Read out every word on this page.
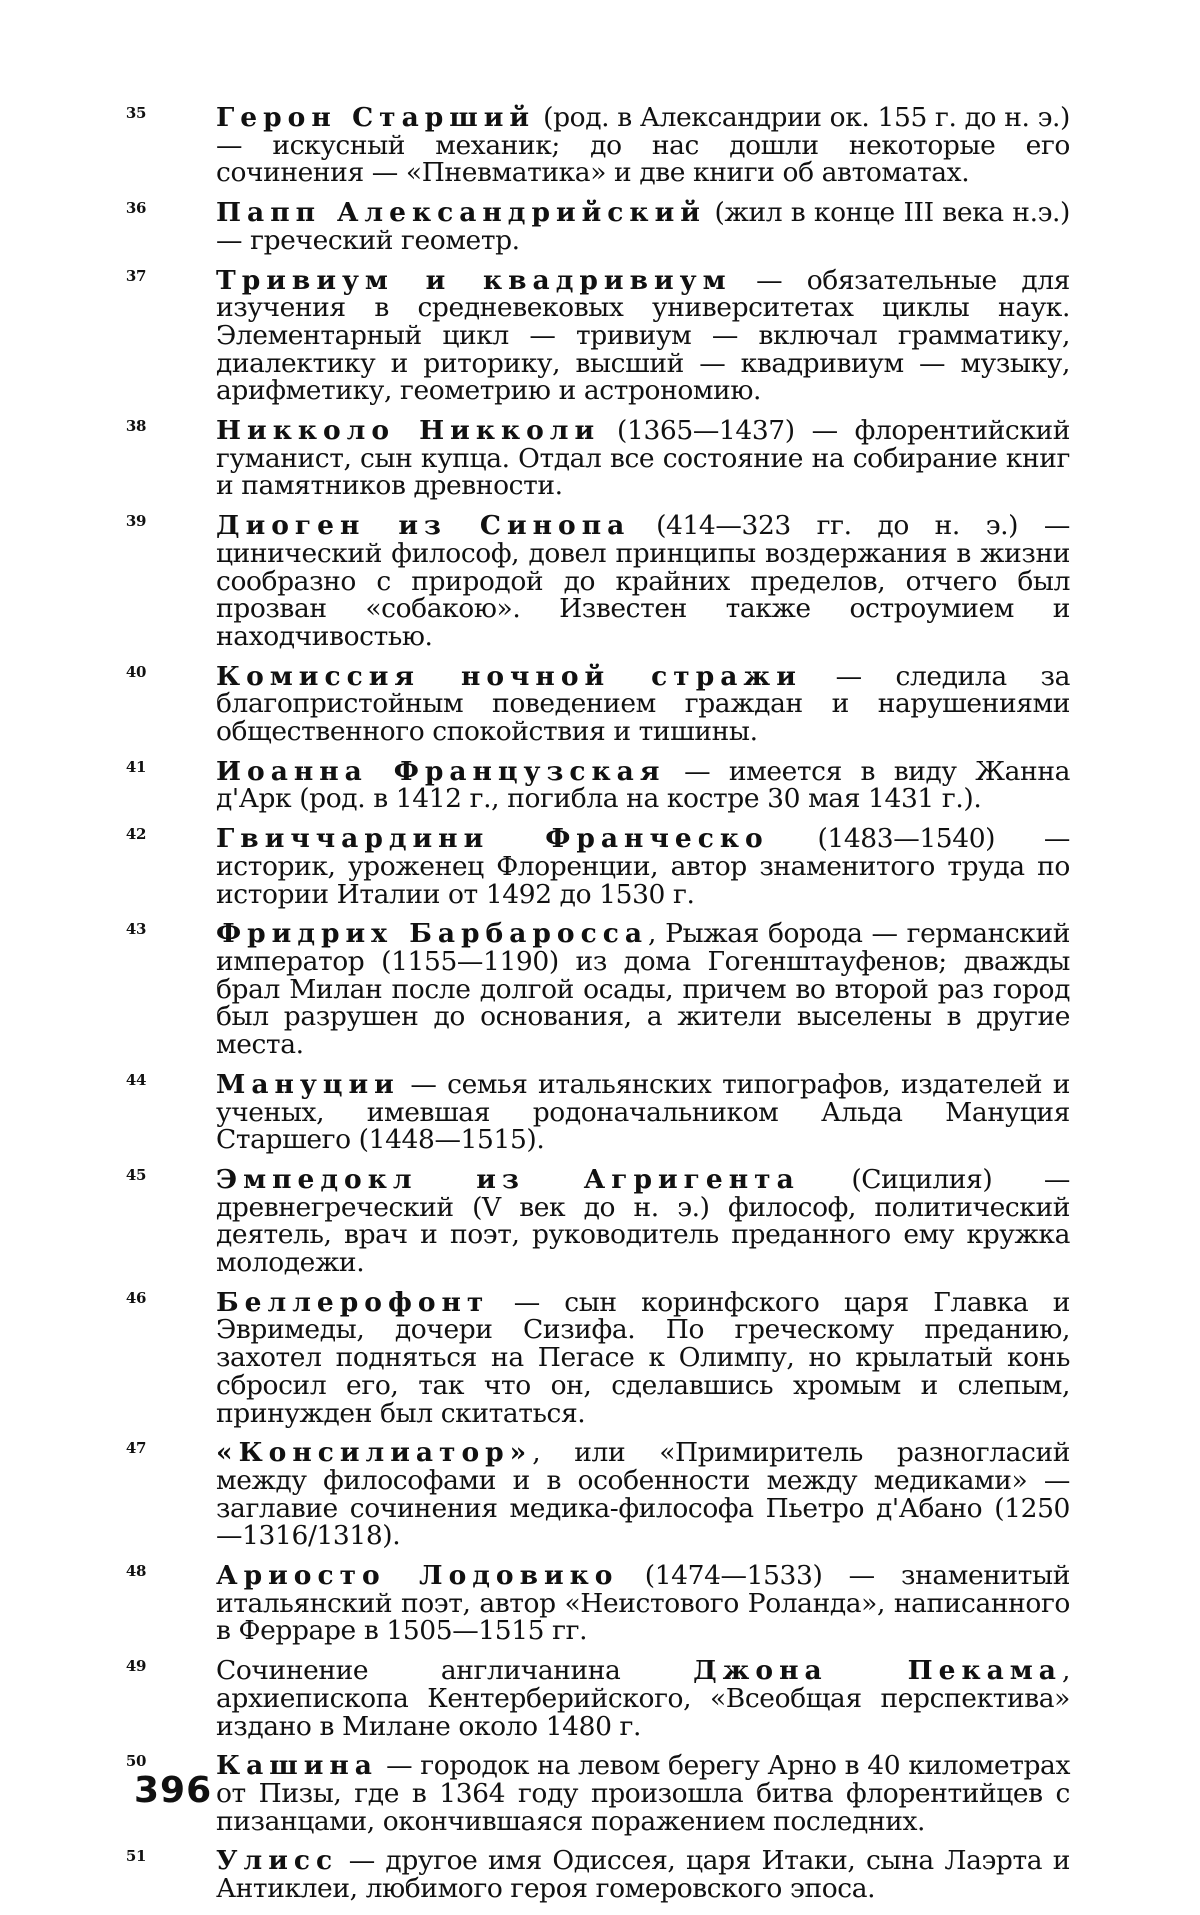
35	Герон Старший (род. в Александрии ок. 155 г. до н. э.) — искусный механик; до нас дошли некоторые его сочинения — «Пневматика» и две книги об автоматах.

36	Папп Александрийский (жил в конце III века н.э.) — греческий геометр.

37	Тривиум и квадривиум — обязательные для изучения в средневековых университетах циклы наук. Элементарный цикл — тривиум — включал грамматику, диалектику и риторику, высший — квадривиум — музыку, арифметику, геометрию и астрономию.

38	Никколо Никколи (1365—1437) — флорентийский гуманист, сын купца. Отдал все состояние на собирание книг и памятников древности.

39	Диоген из Синопа (414—323 гг. до н. э.) — цинический философ, довел принципы воздержания в жизни сообразно с природой до крайних пределов, отчего был прозван «собакою». Известен также остроумием и находчивостью.

40	Комиссия ночной стражи — следила за благопристойным поведением граждан и нарушениями общественного спокойствия и тишины.

41	Иоанна Французская — имеется в виду Жанна д'Арк (род. в 1412 г., погибла на костре 30 мая 1431 г.).

42	Гвиччардини Франческо (1483—1540) — историк, уроженец Флоренции, автор знаменитого труда по истории Италии от 1492 до 1530 г.

43	Фридрих Барбаросса, Рыжая борода — германский император (1155—1190) из дома Гогенштауфенов; дважды брал Милан после долгой осады, причем во второй раз город был разрушен до основания, а жители выселены в другие места.

44	Мануции — семья итальянских типографов, издателей и ученых, имевшая родоначальником Альда Мануция Старшего (1448—1515).

45	Эмпедокл из Агригента (Сицилия) — древнегреческий (V век до н. э.) философ, политический деятель, врач и поэт, руководитель преданного ему кружка молодежи.

46	Беллерофонт — сын коринфского царя Главка и Эвримеды, дочери Сизифа. По греческому преданию, захотел подняться на Пегасе к Олимпу, но крылатый конь сбросил его, так что он, сделавшись хромым и слепым, принужден был скитаться.

47	«Консилиатор», или «Примиритель разногласий между философами и в особенности между медиками» — заглавие сочинения медика-философа Пьетро д'Абано (1250—1316/1318).

48	Ариосто Лодовико (1474—1533) — знаменитый итальянский поэт, автор «Неистового Роланда», написанного в Ферраре в 1505—1515 гг.

49	Сочинение англичанина Джона Пекама, архиепископа Кентерберийского, «Всеобщая перспектива» издано в Милане около 1480 г.

50	Кашина — городок на левом берегу Арно в 40 километрах от Пизы, где в 1364 году произошла битва флорентийцев с пизанцами, окончившаяся поражением последних.

51	Улисс — другое имя Одиссея, царя Итаки, сына Лаэрта и Антиклеи, любимого героя гомеровского эпоса.

396
